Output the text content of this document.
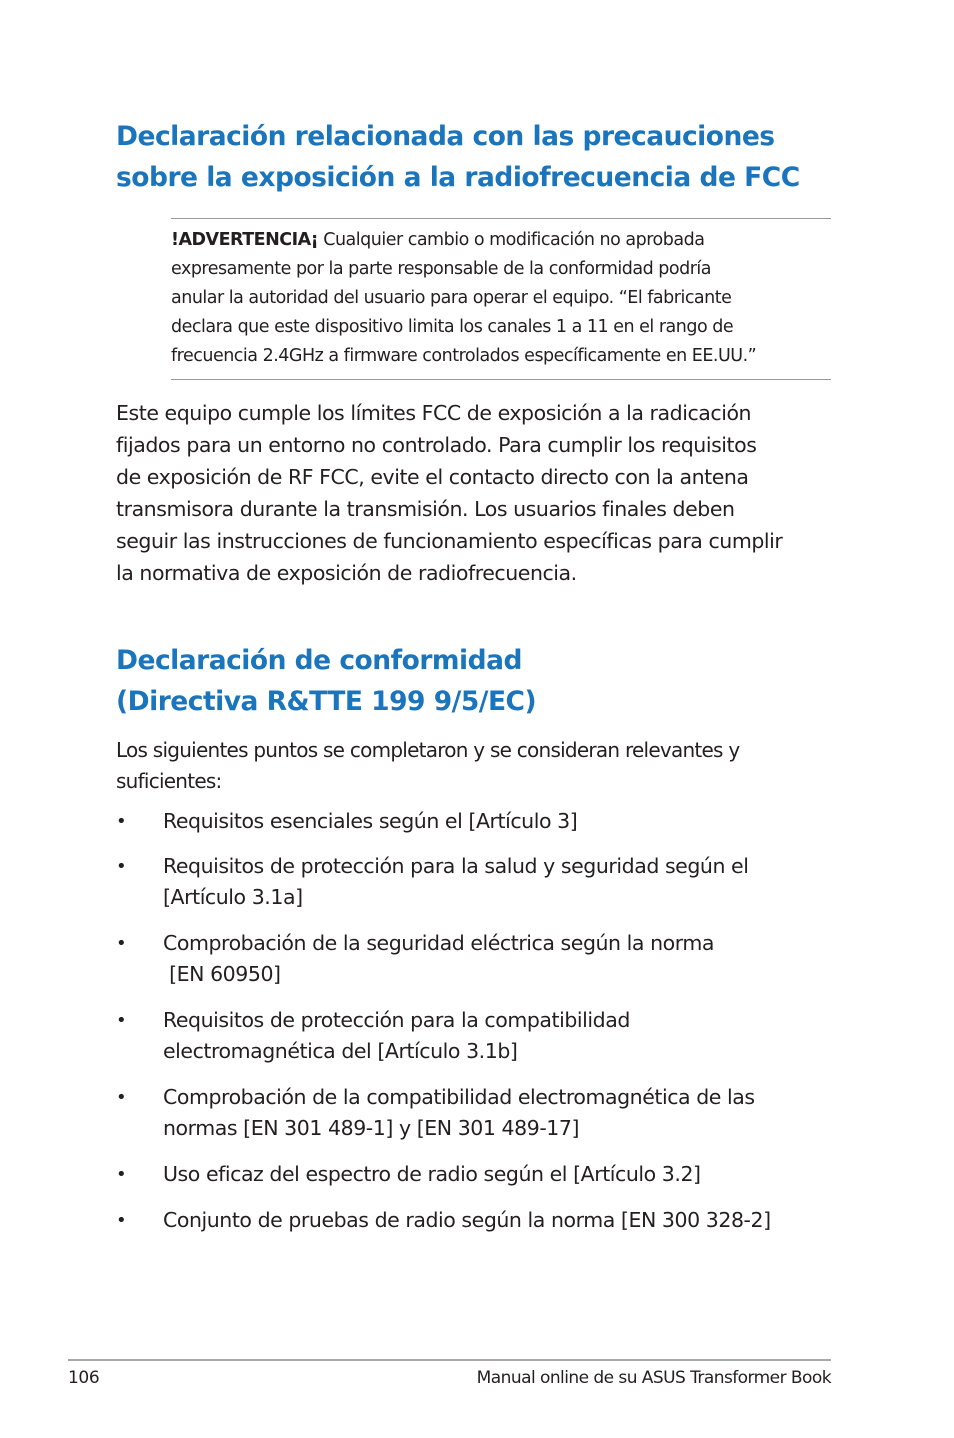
Declaración relacionada con las precauciones
sobre la exposición a la radiofrecuencia de FCC
!ADVERTENCIA¡ Cualquier cambio o modificación no aprobada
expresamente por la parte responsable de la conformidad podría
anular la autoridad del usuario para operar el equipo. “El fabricante
declara que este dispositivo limita los canales 1 a 11 en el rango de
frecuencia 2.4GHz a firmware controlados específicamente en EE.UU.”

Este equipo cumple los límites FCC de exposición a la radicación
fijados para un entorno no controlado. Para cumplir los requisitos
de exposición de RF FCC, evite el contacto directo con la antena
transmisora durante la transmisión. Los usuarios finales deben
seguir las instrucciones de funcionamiento específicas para cumplir
la normativa de exposición de radiofrecuencia.

Declaración de conformidad
(Directiva R&TTE 199 9/5/EC)

Los siguientes puntos se completaron y se consideran relevantes y
suficientes:

• Requisitos esenciales según el [Artículo 3]
• Requisitos de protección para la salud y seguridad según el
[Artículo 3.1a]
• Comprobación de la seguridad eléctrica según la norma
[EN 60950]
• Requisitos de protección para la compatibilidad
electromagnética del [Artículo 3.1b]
• Comprobación de la compatibilidad electromagnética de las
normas [EN 301 489-1] y [EN 301 489-17]
• Uso eficaz del espectro de radio según el [Artículo 3.2]
• Conjunto de pruebas de radio según la norma [EN 300 328-2]
106	Manual online de su ASUS Transformer Book
